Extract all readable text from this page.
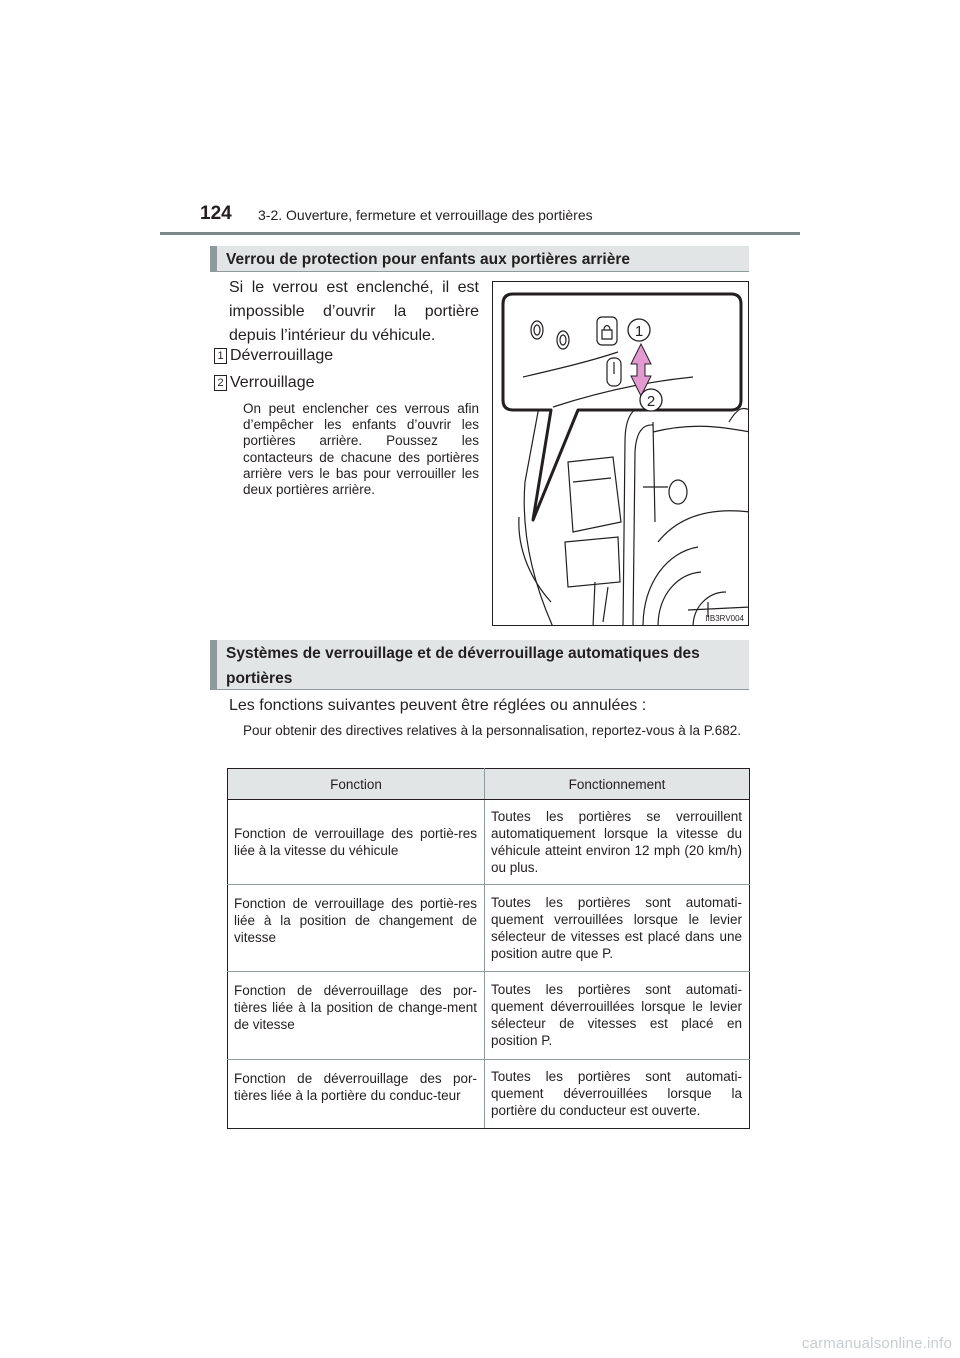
124 3-2. Ouverture, fermeture et verrouillage des portières
Verrou de protection pour enfants aux portières arrière
Si le verrou est enclenché, il est impossible d’ouvrir la portière depuis l’intérieur du véhicule.
1 Déverrouillage
2 Verrouillage
On peut enclencher ces verrous afin d’empêcher les enfants d’ouvrir les portières arrière. Poussez les contacteurs de chacune des portières arrière vers le bas pour verrouiller les deux portières arrière.
1
2
IIB3RV004
Systèmes de verrouillage et de déverrouillage automatiques des portières
Les fonctions suivantes peuvent être réglées ou annulées :
Pour obtenir des directives relatives à la personnalisation, reportez-vous à la P.682.
Fonction	Fonctionnement
Fonction de verrouillage des portiè-res liée à la vitesse du véhicule	Toutes les portières se verrouillent automatiquement lorsque la vitesse du véhicule atteint environ 12 mph (20 km/h) ou plus.
Fonction de verrouillage des portiè-res liée à la position de changement de vitesse	Toutes les portières sont automati-quement verrouillées lorsque le levier sélecteur de vitesses est placé dans une position autre que P.
Fonction de déverrouillage des por-tières liée à la position de change-ment de vitesse	Toutes les portières sont automati-quement déverrouillées lorsque le levier sélecteur de vitesses est placé en position P.
Fonction de déverrouillage des por-tières liée à la portière du conduc-teur	Toutes les portières sont automati-quement déverrouillées lorsque la portière du conducteur est ouverte.
carmanualsonline.info
